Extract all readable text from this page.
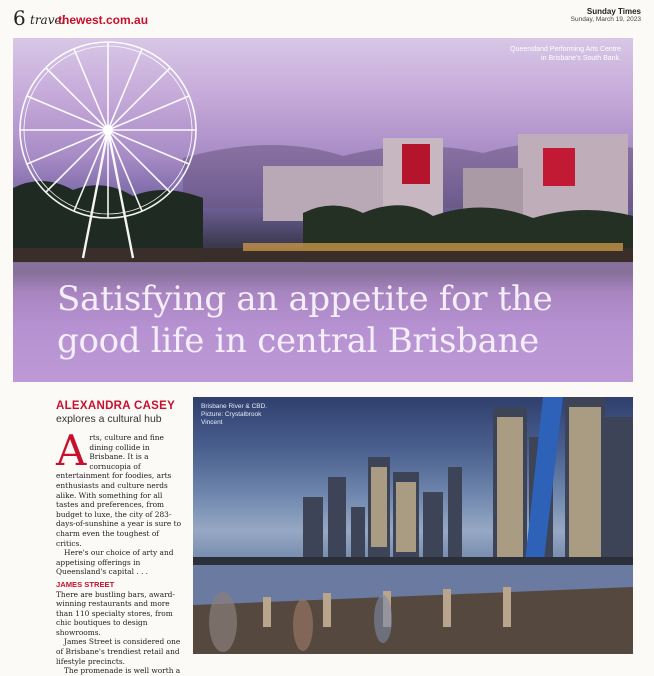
6 travel
thewest.com.au
Sunday Times
Sunday, March 19, 2023
Queensland Performing Arts Centre
in Brisbane's South Bank.
Satisfying an appetite for the
good life in central Brisbane
ALEXANDRA CASEY
explores a cultural hub

Arts, culture and fine dining collide in Brisbane. It is a cornucopia of entertainment for foodies, arts enthusiasts and culture nerds alike. With something for all tastes and preferences, from budget to luxe, the city of 283-days-of-sunshine a year is sure to charm even the toughest of critics.

Here's our choice of arty and appetising offerings in Queensland's capital . . .

JAMES STREET

There are bustling bars, award-winning restaurants and more than 110 specialty stores, from chic boutiques to design showrooms.

James Street is considered one of Brisbane's trendiest retail and lifestyle precincts.

The promenade is well worth a

Brisbane River & CBD.
Picture: Crystalbrook
Vincent
